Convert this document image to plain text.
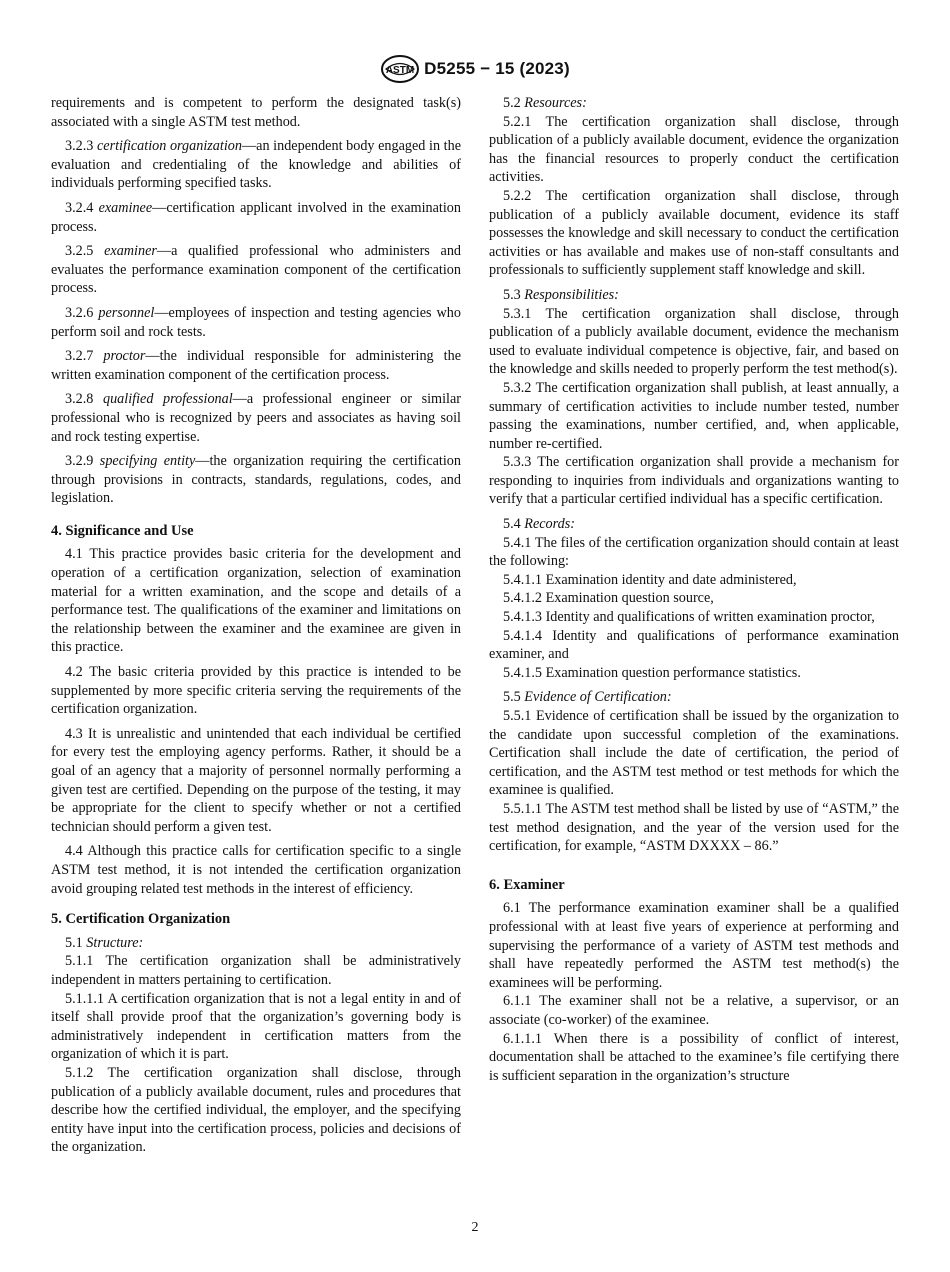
ASTM D5255 − 15 (2023)

requirements and is competent to perform the designated task(s) associated with a single ASTM test method.

3.2.3 certification organization—an independent body engaged in the evaluation and credentialing of the knowledge and abilities of individuals performing specified tasks.

3.2.4 examinee—certification applicant involved in the examination process.

3.2.5 examiner—a qualified professional who administers and evaluates the performance examination component of the certification process.

3.2.6 personnel—employees of inspection and testing agencies who perform soil and rock tests.

3.2.7 proctor—the individual responsible for administering the written examination component of the certification process.

3.2.8 qualified professional—a professional engineer or similar professional who is recognized by peers and associates as having soil and rock testing expertise.

3.2.9 specifying entity—the organization requiring the certification through provisions in contracts, standards, regulations, codes, and legislation.

4. Significance and Use

4.1 This practice provides basic criteria for the development and operation of a certification organization, selection of examination material for a written examination, and the scope and details of a performance test. The qualifications of the examiner and limitations on the relationship between the examiner and the examinee are given in this practice.

4.2 The basic criteria provided by this practice is intended to be supplemented by more specific criteria serving the requirements of the certification organization.

4.3 It is unrealistic and unintended that each individual be certified for every test the employing agency performs. Rather, it should be a goal of an agency that a majority of personnel normally performing a given test are certified. Depending on the purpose of the testing, it may be appropriate for the client to specify whether or not a certified technician should perform a given test.

4.4 Although this practice calls for certification specific to a single ASTM test method, it is not intended the certification organization avoid grouping related test methods in the interest of efficiency.

5. Certification Organization

5.1 Structure:

5.1.1 The certification organization shall be administratively independent in matters pertaining to certification.

5.1.1.1 A certification organization that is not a legal entity in and of itself shall provide proof that the organization’s governing body is administratively independent in certification matters from the organization of which it is part.

5.1.2 The certification organization shall disclose, through publication of a publicly available document, rules and procedures that describe how the certified individual, the employer, and the specifying entity have input into the certification process, policies and decisions of the organization.

5.2 Resources:

5.2.1 The certification organization shall disclose, through publication of a publicly available document, evidence the organization has the financial resources to properly conduct the certification activities.

5.2.2 The certification organization shall disclose, through publication of a publicly available document, evidence its staff possesses the knowledge and skill necessary to conduct the certification activities or has available and makes use of non-staff consultants and professionals to sufficiently supplement staff knowledge and skill.

5.3 Responsibilities:

5.3.1 The certification organization shall disclose, through publication of a publicly available document, evidence the mechanism used to evaluate individual competence is objective, fair, and based on the knowledge and skills needed to properly perform the test method(s).

5.3.2 The certification organization shall publish, at least annually, a summary of certification activities to include number tested, number passing the examinations, number certified, and, when applicable, number re-certified.

5.3.3 The certification organization shall provide a mechanism for responding to inquiries from individuals and organizations wanting to verify that a particular certified individual has a specific certification.

5.4 Records:

5.4.1 The files of the certification organization should contain at least the following:

5.4.1.1 Examination identity and date administered,

5.4.1.2 Examination question source,

5.4.1.3 Identity and qualifications of written examination proctor,

5.4.1.4 Identity and qualifications of performance examination examiner, and

5.4.1.5 Examination question performance statistics.

5.5 Evidence of Certification:

5.5.1 Evidence of certification shall be issued by the organization to the candidate upon successful completion of the examinations. Certification shall include the date of certification, the period of certification, and the ASTM test method or test methods for which the examinee is qualified.

5.5.1.1 The ASTM test method shall be listed by use of “ASTM,” the test method designation, and the year of the version used for the certification, for example, “ASTM DXXXX – 86.”

6. Examiner

6.1 The performance examination examiner shall be a qualified professional with at least five years of experience at performing and supervising the performance of a variety of ASTM test methods and shall have repeatedly performed the ASTM test method(s) the examinees will be performing.

6.1.1 The examiner shall not be a relative, a supervisor, or an associate (co-worker) of the examinee.

6.1.1.1 When there is a possibility of conflict of interest, documentation shall be attached to the examinee’s file certifying there is sufficient separation in the organization’s structure

2
